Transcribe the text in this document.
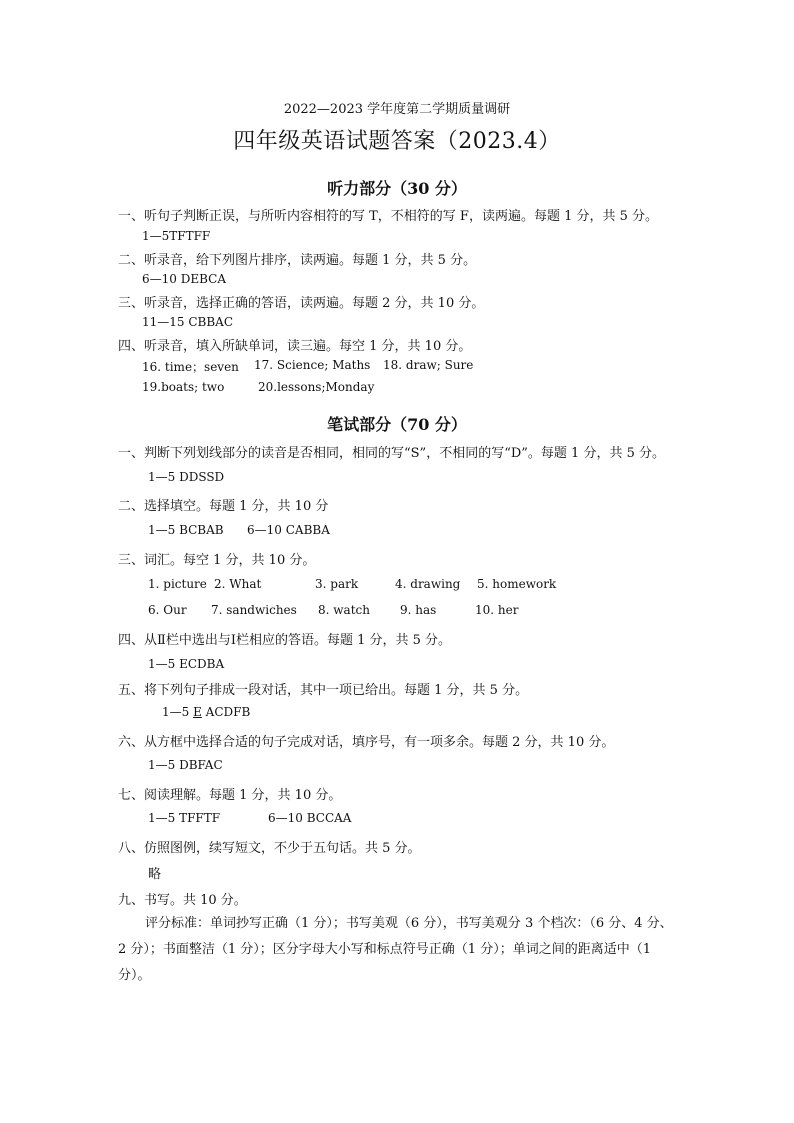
2022—2023 学年度第二学期质量调研
四年级英语试题答案（2023.4）
听力部分（30 分）
一、听句子判断正误，与所听内容相符的写 T，不相符的写 F，读两遍。每题 1 分，共 5 分。
1—5TFTFF
二、听录音，给下列图片排序，读两遍。每题 1 分，共 5 分。
6—10 DEBCA
三、听录音，选择正确的答语，读两遍。每题 2 分，共 10 分。
11—15 CBBAC
四、听录音，填入所缺单词，读三遍。每空 1 分，共 10 分。
16. time；seven 17. Science; Maths 18. draw; Sure
19.boats; two	20.lessons;Monday
笔试部分（70 分）
一、判断下列划线部分的读音是否相同，相同的写“S”，不相同的写“D”。每题 1 分，共 5 分。
1—5 DDSSD
二、选择填空。每题 1 分，共 10 分
1—5 BCBAB 6—10 CABBA
三、词汇。每空 1 分，共 10 分。
1. picture 2. What	3. park	4. drawing 5. homework
6. Our 7. sandwiches 8. watch	9. has	10. her
四、从Ⅱ栏中选出与Ⅰ栏相应的答语。每题 1 分，共 5 分。
1—5 ECDBA
五、将下列句子排成一段对话，其中一项已给出。每题 1 分，共 5 分。
1—5 E ACDFB
六、从方框中选择合适的句子完成对话，填序号，有一项多余。每题 2 分，共 10 分。
1—5 DBFAC
七、阅读理解。每题 1 分，共 10 分。
1—5 TFFTF	6—10 BCCAA
八、仿照图例，续写短文，不少于五句话。共 5 分。
略
九、书写。共 10 分。
评分标准：单词抄写正确（1 分）；书写美观（6 分），书写美观分 3 个档次：（6 分、4 分、2 分）；书面整洁（1 分）；区分字母大小写和标点符号正确（1 分）；单词之间的距离适中（1 分）。
